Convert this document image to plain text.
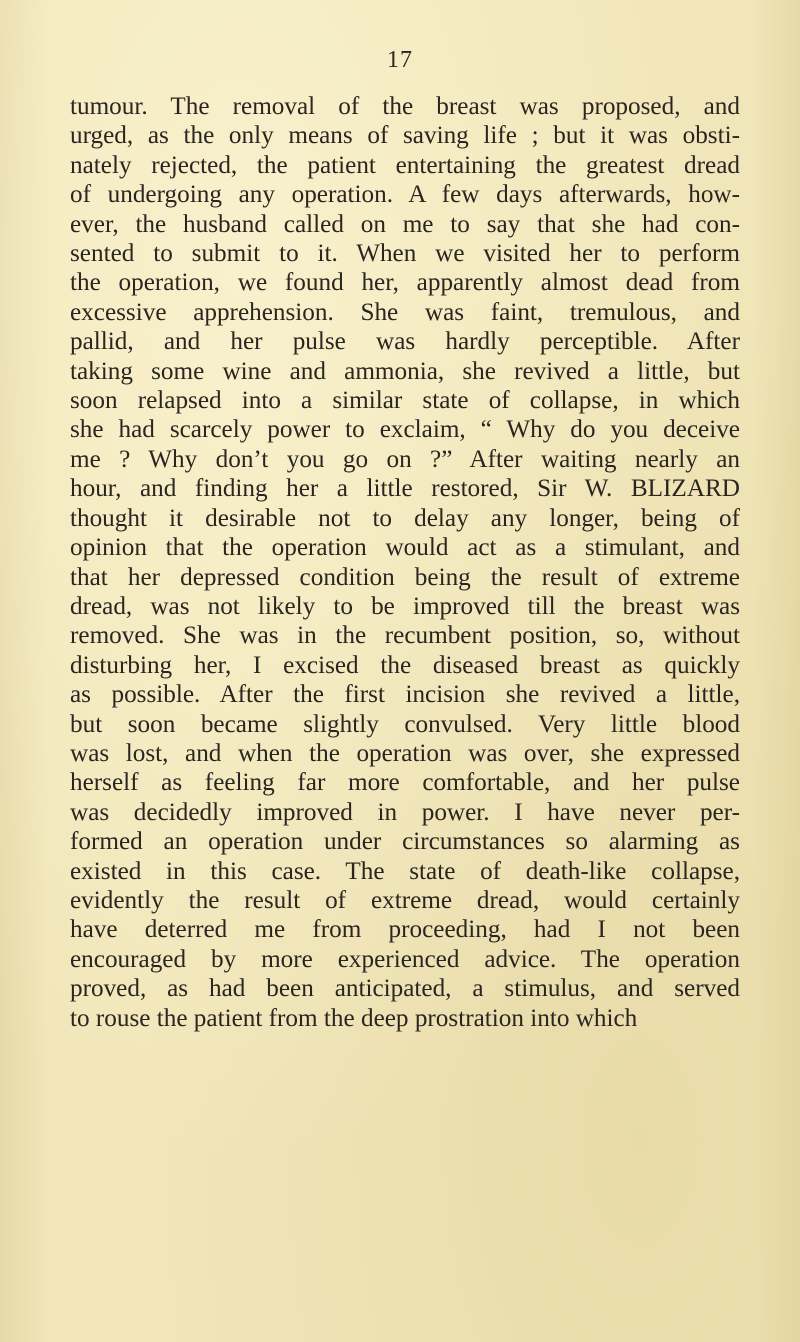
17
tumour. The removal of the breast was proposed, and
urged, as the only means of saving life ; but it was obsti-
nately rejected, the patient entertaining the greatest dread
of undergoing any operation. A few days afterwards, how-
ever, the husband called on me to say that she had con-
sented to submit to it. When we visited her to perform
the operation, we found her, apparently almost dead from
excessive apprehension. She was faint, tremulous, and
pallid, and her pulse was hardly perceptible. After
taking some wine and ammonia, she revived a little, but
soon relapsed into a similar state of collapse, in which
she had scarcely power to exclaim, “ Why do you deceive
me ? Why don’t you go on ?” After waiting nearly an
hour, and finding her a little restored, Sir W. BLIZARD
thought it desirable not to delay any longer, being of
opinion that the operation would act as a stimulant, and
that her depressed condition being the result of extreme
dread, was not likely to be improved till the breast was
removed. She was in the recumbent position, so, without
disturbing her, I excised the diseased breast as quickly
as possible. After the first incision she revived a little,
but soon became slightly convulsed. Very little blood
was lost, and when the operation was over, she expressed
herself as feeling far more comfortable, and her pulse
was decidedly improved in power. I have never per-
formed an operation under circumstances so alarming as
existed in this case. The state of death-like collapse,
evidently the result of extreme dread, would certainly
have deterred me from proceeding, had I not been
encouraged by more experienced advice. The operation
proved, as had been anticipated, a stimulus, and served
to rouse the patient from the deep prostration into which
